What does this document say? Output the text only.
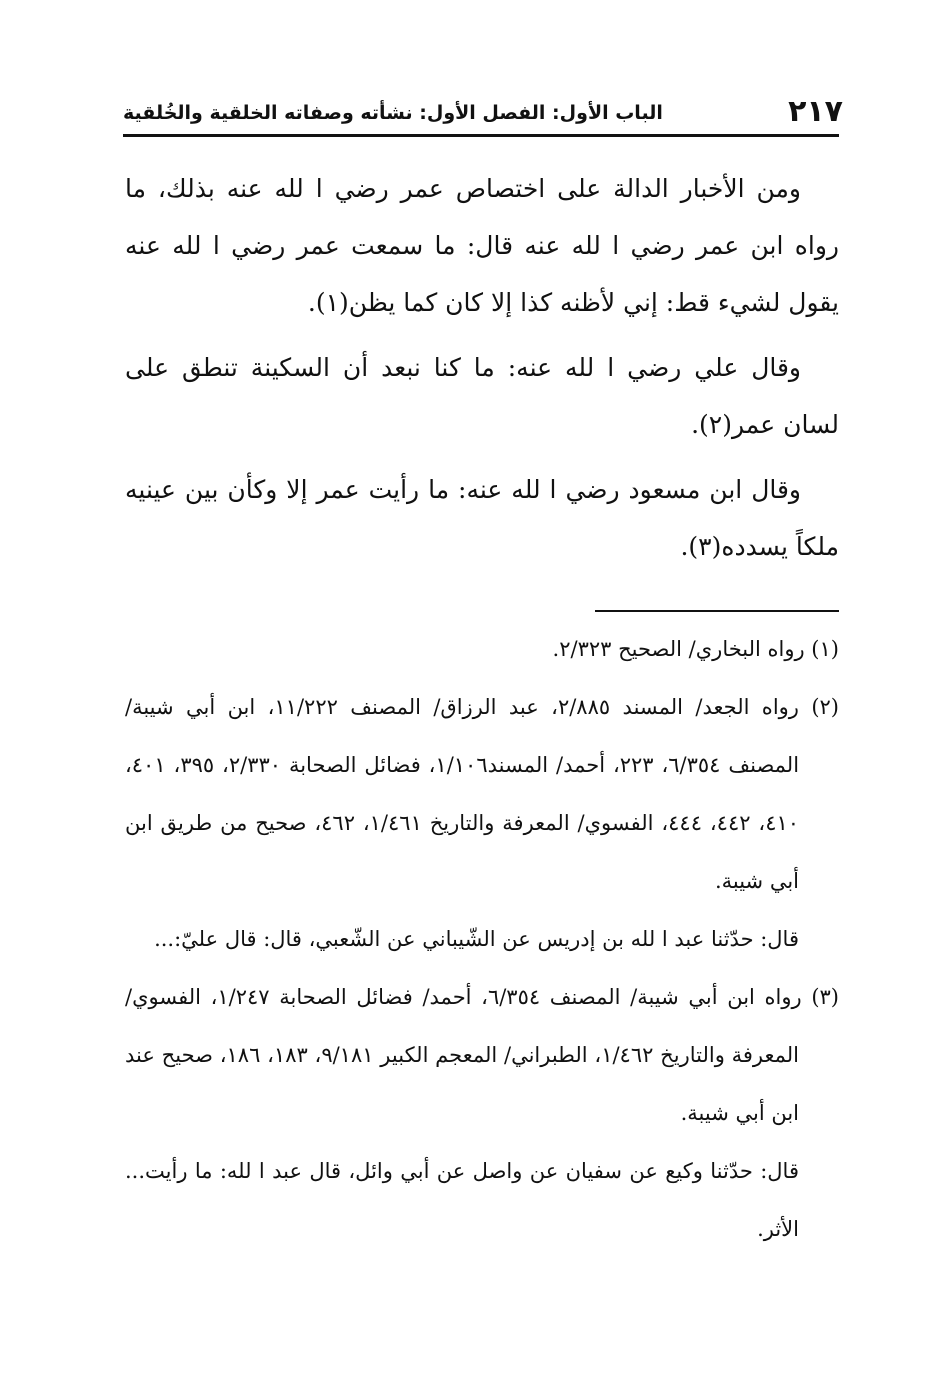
٢١٧
الباب الأول: الفصل الأول: نشأته وصفاته الخلقية والخُلقية

ومن الأخبار الدالة على اختصاص عمر رضي ا لله عنه بذلك، ما رواه ابن عمر رضي ا لله عنه قال: ما سمعت عمر رضي ا لله عنه يقول لشيء قط: إني لأظنه كذا إلا كان كما يظن(١).

وقال علي رضي ا لله عنه: ما كنا نبعد أن السكينة تنطق على لسان عمر(٢).

وقال ابن مسعود رضي ا لله عنه: ما رأيت عمر إلا وكأن بين عينيه ملكاً يسدده(٣).

(١) رواه البخاري/ الصحيح ٢/٣٢٣.

(٢) رواه الجعد/ المسند ٢/٨٨٥، عبد الرزاق/ المصنف ١١/٢٢٢، ابن أبي شيبة/ المصنف ٦/٣٥٤، ٢٢٣، أحمد/ المسند١/١٠٦، فضائل الصحابة ٢/٣٣٠، ٣٩٥، ٤٠١، ٤١٠، ٤٤٢، ٤٤٤، الفسوي/ المعرفة والتاريخ ١/٤٦١، ٤٦٢، صحيح من طريق ابن أبي شيبة.

قال: حدّثنا عبد ا لله بن إدريس عن الشّيباني عن الشّعبي، قال: قال عليّ:...

(٣) رواه ابن أبي شيبة/ المصنف ٦/٣٥٤، أحمد/ فضائل الصحابة ١/٢٤٧، الفسوي/ المعرفة والتاريخ ١/٤٦٢، الطبراني/ المعجم الكبير ٩/١٨١، ١٨٣، ١٨٦، صحيح عند ابن أبي شيبة.

قال: حدّثنا وكيع عن سفيان عن واصل عن أبي وائل، قال عبد ا لله: ما رأيت... الأثر.
